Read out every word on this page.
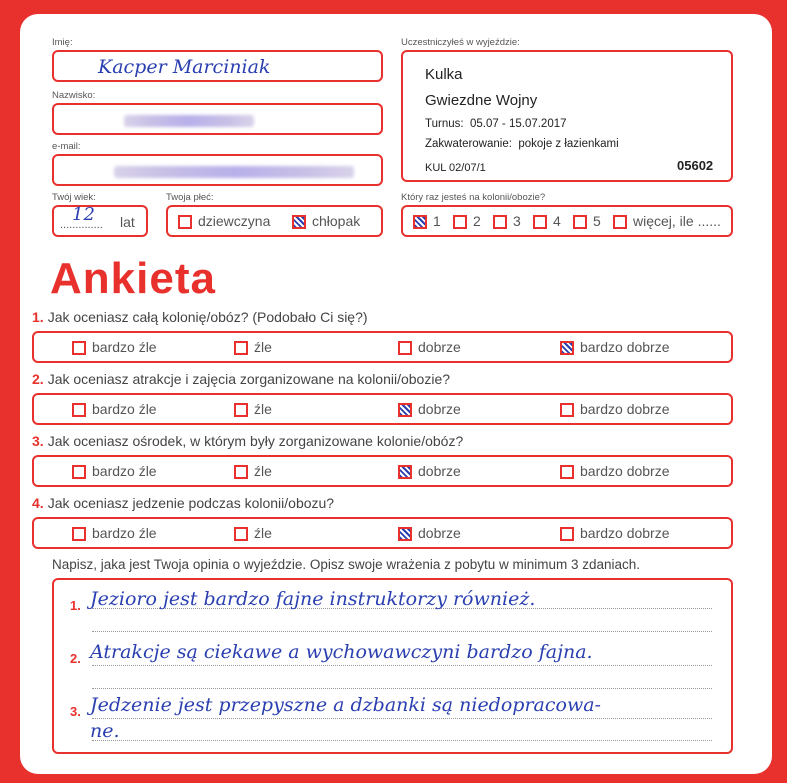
Imię:
Kacper Marciniak
Nazwisko:
e-mail:
Twój wiek:
..............
12 lat
Twoja płeć:
dziewczyna	chłopak
Uczestniczyłeś w wyjeździe:
Kulka
Gwiezdne Wojny
Turnus: 05.07 - 15.07.2017
Zakwaterowanie: pokoje z łazienkami
KUL 02/07/1	05602
Który raz jesteś na kolonii/obozie?
1	2	3	4	5	więcej, ile ......
Ankieta
1. Jak oceniasz całą kolonię/obóz? (Podobało Ci się?)
bardzo źle	źle	dobrze	bardzo dobrze
2. Jak oceniasz atrakcje i zajęcia zorganizowane na kolonii/obozie?
bardzo źle	źle	dobrze	bardzo dobrze
3. Jak oceniasz ośrodek, w którym były zorganizowane kolonie/obóz?
bardzo źle	źle	dobrze	bardzo dobrze
4. Jak oceniasz jedzenie podczas kolonii/obozu?
bardzo źle	źle	dobrze	bardzo dobrze
Napisz, jaka jest Twoja opinia o wyjeździe. Opisz swoje wrażenia z pobytu w minimum 3 zdaniach.
1. Jezioro jest bardzo fajne instruktorzy również.
2. Atrakcje są ciekawe a wychowawczyni bardzo fajna.
3. Jedzenie jest przepyszne a dzbanki są niedopracowa-
ne.
